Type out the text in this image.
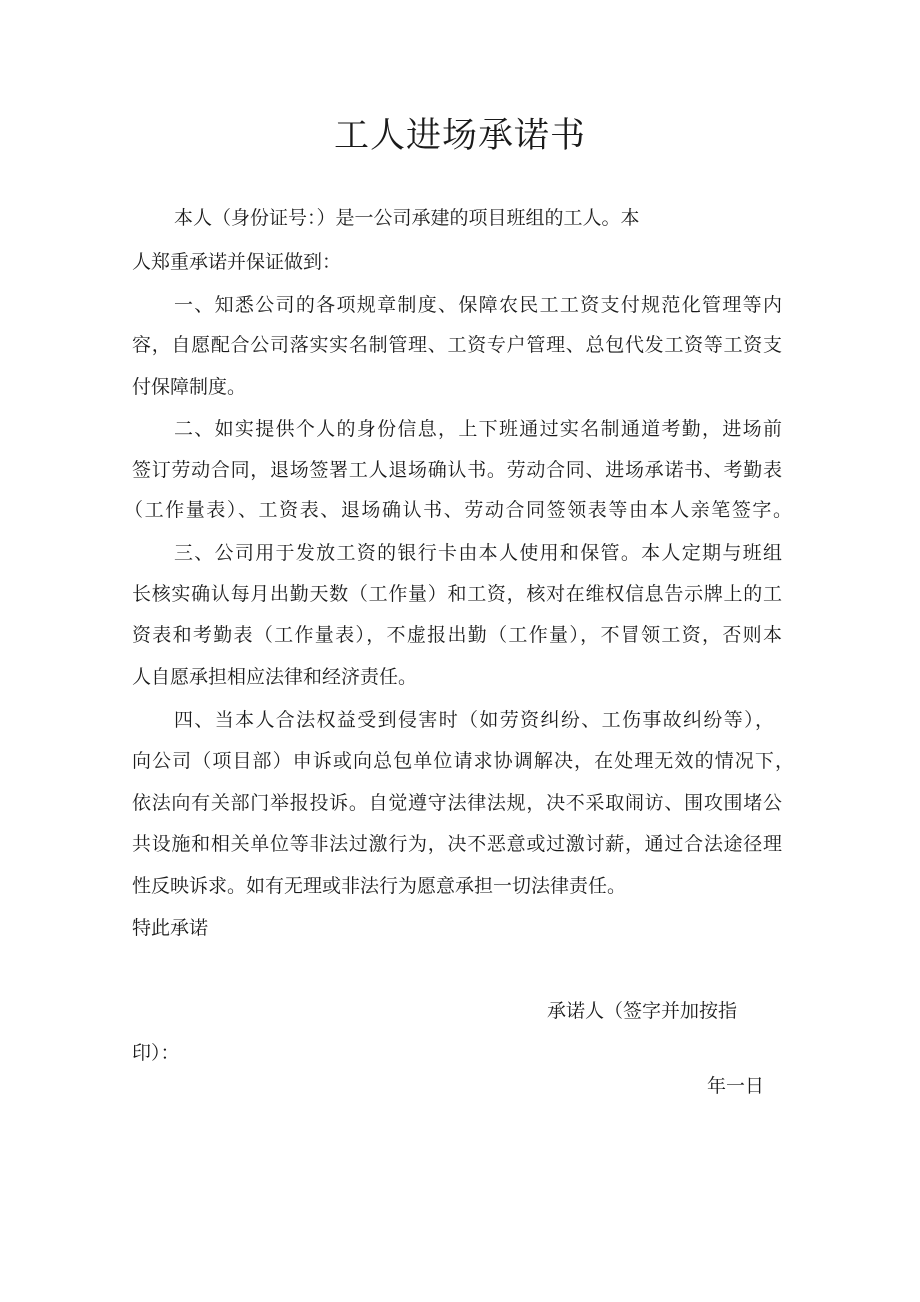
工人进场承诺书
本人（身份证号：）是一公司承建的项目班组的工人。本
人郑重承诺并保证做到：
一、知悉公司的各项规章制度、保障农民工工资支付规范化管理等内
容，自愿配合公司落实实名制管理、工资专户管理、总包代发工资等工资支
付保障制度。
二、如实提供个人的身份信息，上下班通过实名制通道考勤，进场前
签订劳动合同，退场签署工人退场确认书。劳动合同、进场承诺书、考勤表
（工作量表）、工资表、退场确认书、劳动合同签领表等由本人亲笔签字。
三、公司用于发放工资的银行卡由本人使用和保管。本人定期与班组
长核实确认每月出勤天数（工作量）和工资，核对在维权信息告示牌上的工
资表和考勤表（工作量表），不虚报出勤（工作量），不冒领工资，否则本
人自愿承担相应法律和经济责任。
四、当本人合法权益受到侵害时（如劳资纠纷、工伤事故纠纷等），
向公司（项目部）申诉或向总包单位请求协调解决，在处理无效的情况下，
依法向有关部门举报投诉。自觉遵守法律法规，决不采取闹访、围攻围堵公
共设施和相关单位等非法过激行为，决不恶意或过激讨薪，通过合法途径理
性反映诉求。如有无理或非法行为愿意承担一切法律责任。
特此承诺
承诺人（签字并加按指
印）：
年一日
